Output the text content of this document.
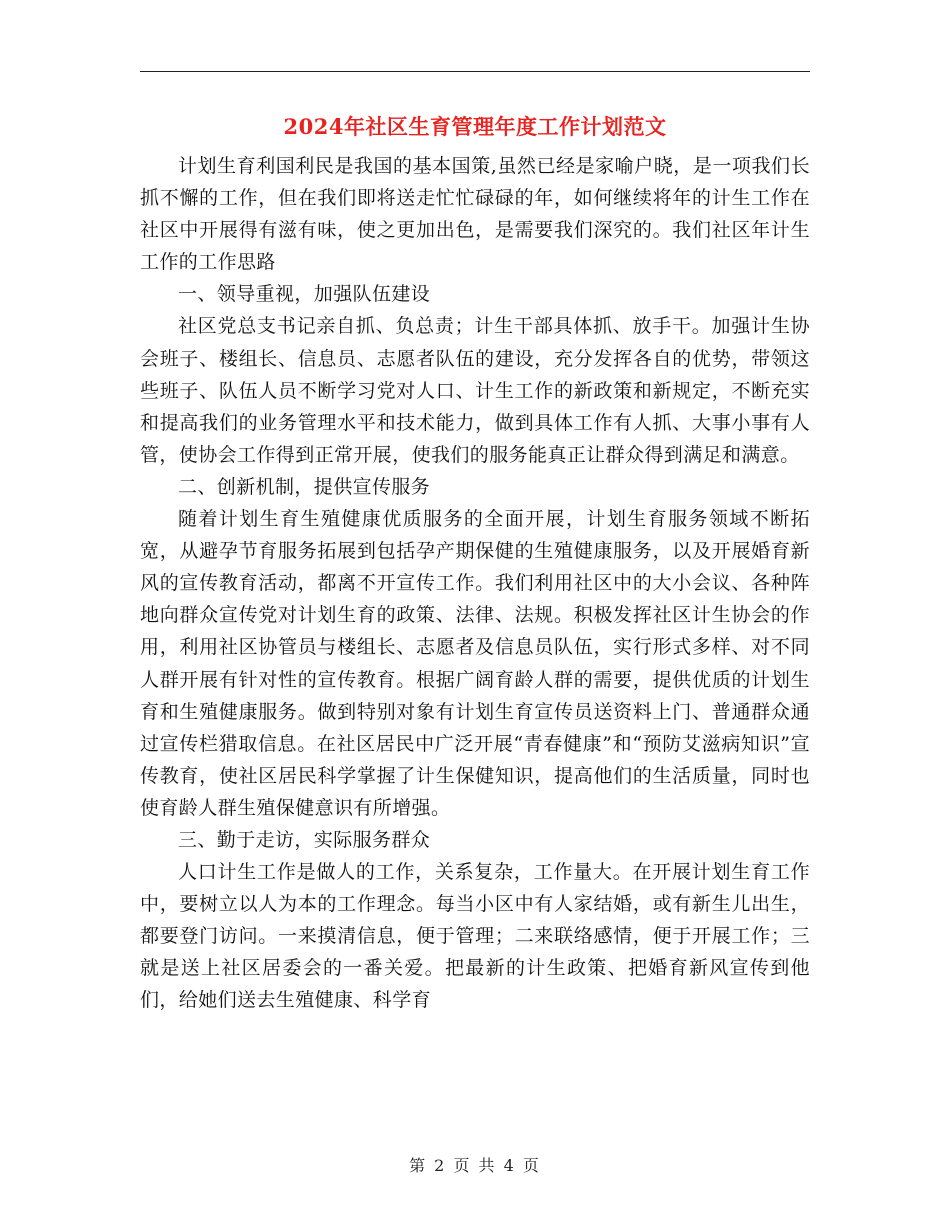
2024年社区生育管理年度工作计划范文

计划生育利国利民是我国的基本国策,虽然已经是家喻户晓，是一项我们长抓不懈的工作，但在我们即将送走忙忙碌碌的年，如何继续将年的计生工作在社区中开展得有滋有味，使之更加出色，是需要我们深究的。我们社区年计生工作的工作思路

一、领导重视，加强队伍建设

社区党总支书记亲自抓、负总责；计生干部具体抓、放手干。加强计生协会班子、楼组长、信息员、志愿者队伍的建设，充分发挥各自的优势，带领这些班子、队伍人员不断学习党对人口、计生工作的新政策和新规定，不断充实和提高我们的业务管理水平和技术能力，做到具体工作有人抓、大事小事有人管，使协会工作得到正常开展，使我们的服务能真正让群众得到满足和满意。

二、创新机制，提供宣传服务

随着计划生育生殖健康优质服务的全面开展，计划生育服务领域不断拓宽，从避孕节育服务拓展到包括孕产期保健的生殖健康服务，以及开展婚育新风的宣传教育活动，都离不开宣传工作。我们利用社区中的大小会议、各种阵地向群众宣传党对计划生育的政策、法律、法规。积极发挥社区计生协会的作用，利用社区协管员与楼组长、志愿者及信息员队伍，实行形式多样、对不同人群开展有针对性的宣传教育。根据广阔育龄人群的需要，提供优质的计划生育和生殖健康服务。做到特别对象有计划生育宣传员送资料上门、普通群众通过宣传栏猎取信息。在社区居民中广泛开展“青春健康”和“预防艾滋病知识”宣传教育，使社区居民科学掌握了计生保健知识，提高他们的生活质量，同时也使育龄人群生殖保健意识有所增强。

三、勤于走访，实际服务群众

人口计生工作是做人的工作，关系复杂，工作量大。在开展计划生育工作中，要树立以人为本的工作理念。每当小区中有人家结婚，或有新生儿出生，都要登门访问。一来摸清信息，便于管理；二来联络感情，便于开展工作；三就是送上社区居委会的一番关爱。把最新的计生政策、把婚育新风宣传到他们，给她们送去生殖健康、科学育

第 2 页 共 4 页
